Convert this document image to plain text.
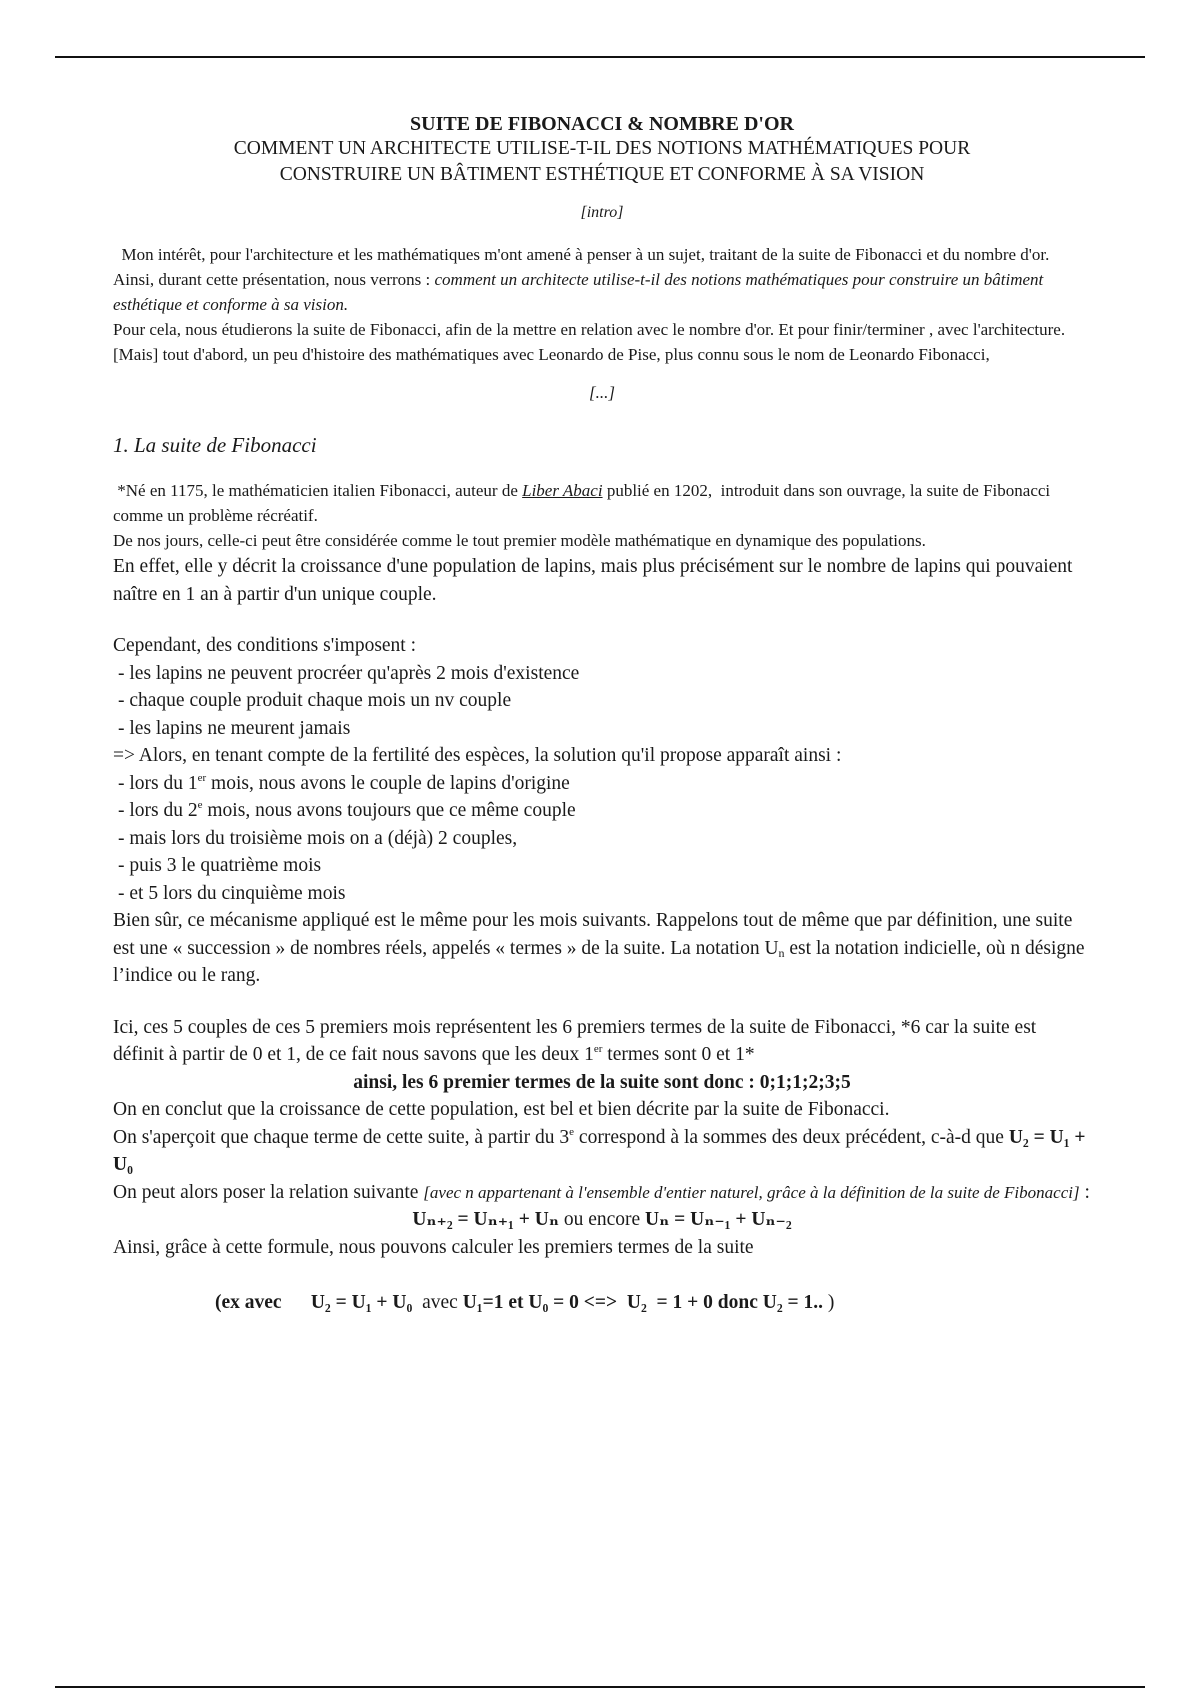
SUITE DE FIBONACCI & NOMBRE D'OR
COMMENT UN ARCHITECTE UTILISE-T-IL DES NOTIONS MATHÉMATIQUES POUR
CONSTRUIRE UN BÂTIMENT ESTHÉTIQUE ET CONFORME À SA VISION
[intro]

Mon intérêt, pour l'architecture et les mathématiques m'ont amené à penser à un sujet, traitant de la suite de Fibonacci et du nombre d'or.

Ainsi, durant cette présentation, nous verrons : comment un architecte utilise-t-il des notions mathématiques pour construire un bâtiment esthétique et conforme à sa vision.

Pour cela, nous étudierons la suite de Fibonacci, afin de la mettre en relation avec le nombre d'or. Et pour finir/terminer , avec l'architecture.

[Mais] tout d'abord, un peu d'histoire des mathématiques avec Leonardo de Pise, plus connu sous le nom de Leonardo Fibonacci,

[...]
1. La suite de Fibonacci

*Né en 1175, le mathématicien italien Fibonacci, auteur de Liber Abaci publié en 1202,  introduit dans son ouvrage, la suite de Fibonacci comme un problème récréatif.

De nos jours, celle-ci peut être considérée comme le tout premier modèle mathématique en dynamique des populations.

En effet, elle y décrit la croissance d'une population de lapins, mais plus précisément sur le nombre de lapins qui pouvaient naître en 1 an à partir d'un unique couple.

Cependant, des conditions s'imposent :

- les lapins ne peuvent procréer qu'après 2 mois d'existence

- chaque couple produit chaque mois un nv couple

- les lapins ne meurent jamais

=> Alors, en tenant compte de la fertilité des espèces, la solution qu'il propose apparaît ainsi :

- lors du 1er mois, nous avons le couple de lapins d'origine

- lors du 2e mois, nous avons toujours que ce même couple

- mais lors du troisième mois on a (déjà) 2 couples,

- puis 3 le quatrième mois

- et 5 lors du cinquième mois

Bien sûr, ce mécanisme appliqué est le même pour les mois suivants. Rappelons tout de même que par définition, une suite est une « succession » de nombres réels, appelés « termes » de la suite. La notation $U_n$ est la notation indicielle, où n désigne l’indice ou le rang.

Ici, ces 5 couples de ces 5 premiers mois représentent les 6 premiers termes de la suite de Fibonacci, *6 car la suite est définit à partir de 0 et 1, de ce fait nous savons que les deux 1er termes sont 0 et 1*

ainsi, les 6 premier termes de la suite sont donc : 0;1;1;2;3;5

On en conclut que la croissance de cette population, est bel et bien décrite par la suite de Fibonacci.

On s'aperçoit que chaque terme de cette suite, à partir du 3e correspond à la sommes des deux précédent, c-à-d que U₂ = U₁ + U₀

On peut alors poser la relation suivante [avec n appartenant à l'ensemble d'entier naturel, grâce à la définition de la suite de Fibonacci] :

Uₙ₊₂ = Uₙ₊₁ + Uₙ ou encore Uₙ = Uₙ₋₁ + Uₙ₋₂

Ainsi, grâce à cette formule, nous pouvons calculer les premiers termes de la suite

(ex avec      U₂ = U₁ + U₀  avec U₁=1 et U₀ = 0 <=>  U₂  = 1 + 0 donc U₂ = 1.. )
